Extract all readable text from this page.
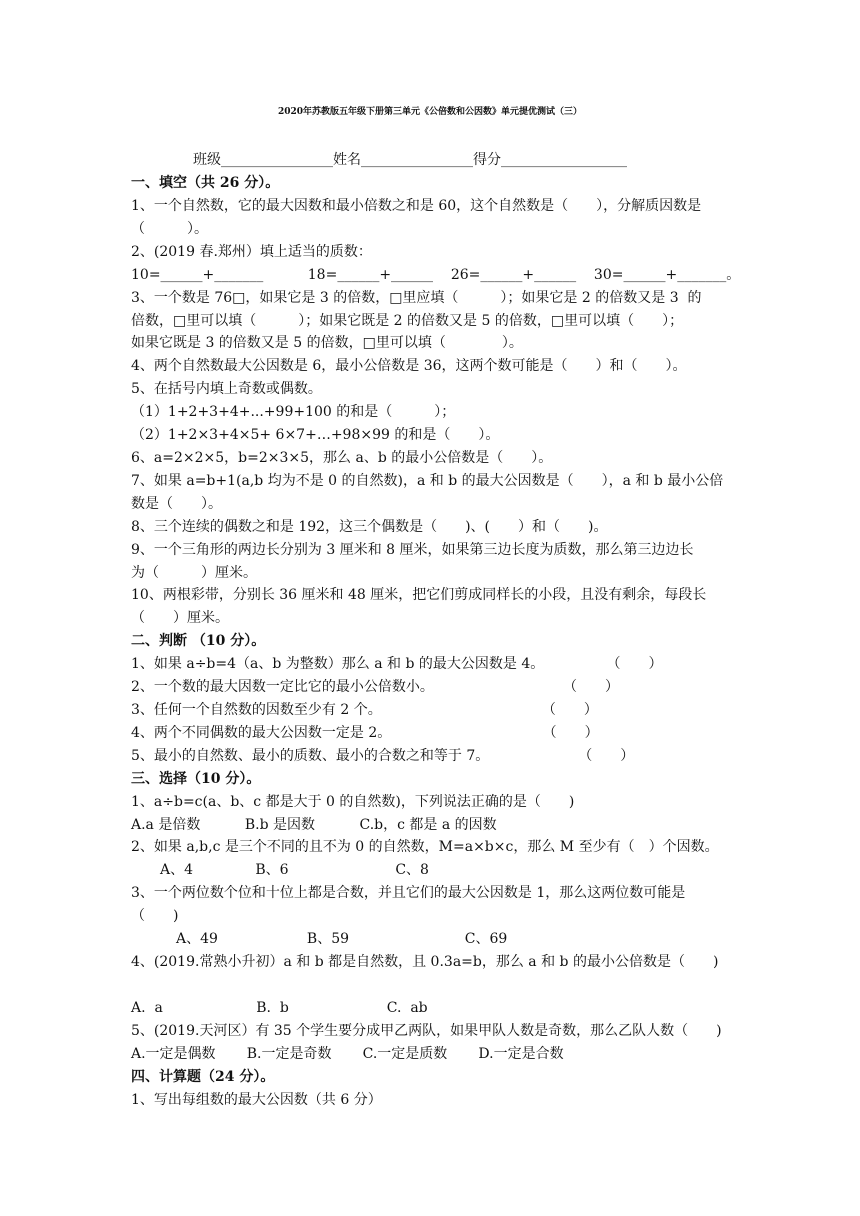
2020年苏教版五年级下册第三单元《公倍数和公因数》单元提优测试（三）
班级________________姓名________________得分__________________
一、填空（共 26 分）。
1、一个自然数，它的最大因数和最小倍数之和是 60，这个自然数是（　　），分解质因数是
（　　　）。
2、(2019 春.郑州）填上适当的质数：
10=______+_______          18=______+______    26=______+______    30=______+_______。
3、一个数是 76□，如果它是 3 的倍数，□里应填（　　　）；如果它是 2 的倍数又是 3  的
倍数，□里可以填（　　　）；如果它既是 2 的倍数又是 5 的倍数，□里可以填（　　）；
如果它既是 3 的倍数又是 5 的倍数，□里可以填（　　　　）。
4、两个自然数最大公因数是 6，最小公倍数是 36，这两个数可能是（　　）和（　　）。
5、在括号内填上奇数或偶数。
（1）1+2+3+4+...+99+100 的和是（　　　）；
（2）1+2×3+4×5+ 6×7+…+98×99 的和是（　　）。
6、a=2×2×5，b=2×3×5，那么 a、b 的最小公倍数是（　　）。
7、如果 a=b+1(a,b 均为不是 0 的自然数)，a 和 b 的最大公因数是（　　），a 和 b 最小公倍
数是（　　）。
8、三个连续的偶数之和是 192，这三个偶数是（　　)、(　　）和（　　)。
9、一个三角形的两边长分别为 3 厘米和 8 厘米，如果第三边长度为质数，那么第三边边长
为（　　　）厘米。
10、两根彩带，分别长 36 厘米和 48 厘米，把它们剪成同样长的小段，且没有剩余，每段长
（　　）厘米。
二、判断 （10 分）。
1、如果 a÷b=4（a、b 为整数）那么 a 和 b 的最大公因数是 4。              （　　）
2、一个数的最大因数一定比它的最小公倍数小。                             （　　）
3、任何一个自然数的因数至少有 2 个。                                    （　　）
4、两个不同偶数的最大公因数一定是 2。                                  （　　）
5、最小的自然数、最小的质数、最小的合数之和等于 7。                    （　　）
三、选择（10 分）。
1、a÷b=c(a、b、c 都是大于 0 的自然数)，下列说法正确的是（　　)
A.a 是倍数          B.b 是因数          C.b，c 都是 a 的因数
2、如果 a,b,c 是三个不同的且不为 0 的自然数，M=a×b×c，那么 M 至少有（　）个因数。
A、4              B、6                        C、8
3、一个两位数个位和十位上都是合数，并且它们的最大公因数是 1，那么这两位数可能是
（　　)
A、49                    B、59                          C、69
4、(2019.常熟小升初）a 和 b 都是自然数，且 0.3a=b，那么 a 和 b 的最小公倍数是（　　)
A.  a                     B.  b                      C.  ab
5、(2019.天河区）有 35 个学生要分成甲乙两队，如果甲队人数是奇数，那么乙队人数（　　)
A.一定是偶数       B.一定是奇数       C.一定是质数       D.一定是合数
四、计算题（24 分）。
1、写出每组数的最大公因数（共 6 分）
